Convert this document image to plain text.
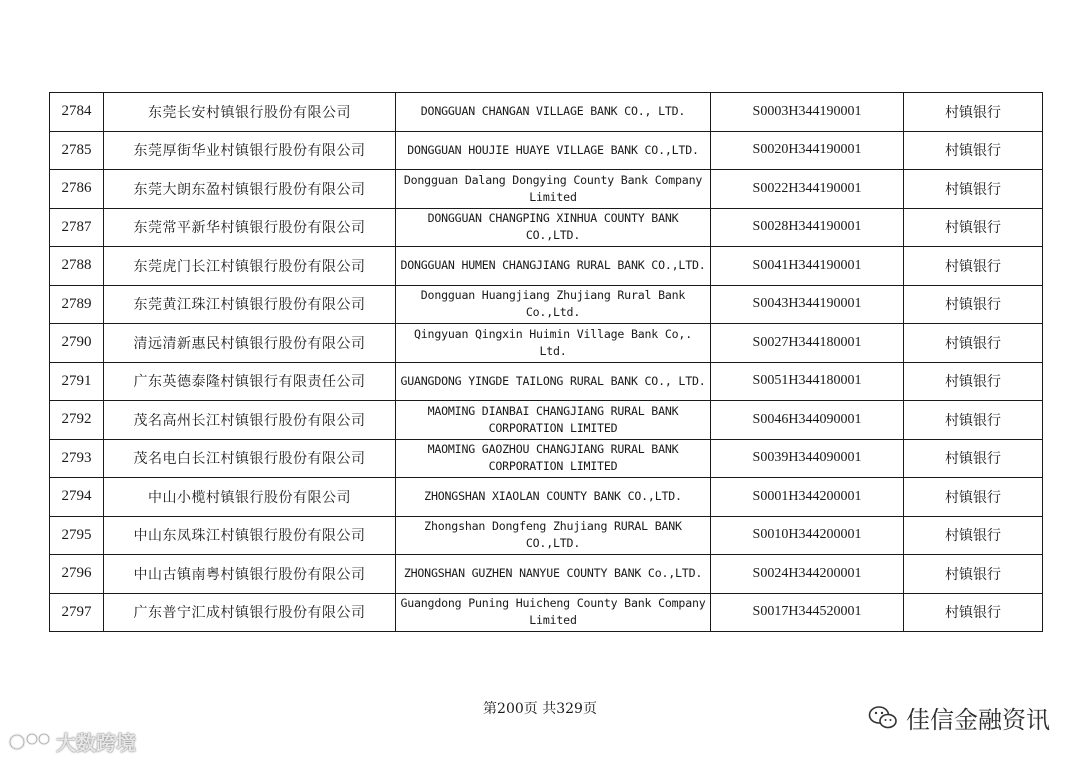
2784	东莞长安村镇银行股份有限公司	DONGGUAN CHANGAN VILLAGE BANK CO., LTD.	S0003H344190001	村镇银行
2785	东莞厚街华业村镇银行股份有限公司	DONGGUAN HOUJIE HUAYE VILLAGE BANK CO.,LTD.	S0020H344190001	村镇银行
2786	东莞大朗东盈村镇银行股份有限公司	Dongguan Dalang Dongying County Bank Company Limited	S0022H344190001	村镇银行
2787	东莞常平新华村镇银行股份有限公司	DONGGUAN CHANGPING XINHUA COUNTY BANK CO.,LTD.	S0028H344190001	村镇银行
2788	东莞虎门长江村镇银行股份有限公司	DONGGUAN HUMEN CHANGJIANG RURAL BANK CO.,LTD.	S0041H344190001	村镇银行
2789	东莞黄江珠江村镇银行股份有限公司	Dongguan Huangjiang Zhujiang Rural Bank Co.,Ltd.	S0043H344190001	村镇银行
2790	清远清新惠民村镇银行股份有限公司	Qingyuan Qingxin Huimin Village Bank Co,. Ltd.	S0027H344180001	村镇银行
2791	广东英德泰隆村镇银行有限责任公司	GUANGDONG YINGDE TAILONG RURAL BANK CO., LTD.	S0051H344180001	村镇银行
2792	茂名高州长江村镇银行股份有限公司	MAOMING DIANBAI CHANGJIANG RURAL BANK CORPORATION LIMITED	S0046H344090001	村镇银行
2793	茂名电白长江村镇银行股份有限公司	MAOMING GAOZHOU CHANGJIANG RURAL BANK CORPORATION LIMITED	S0039H344090001	村镇银行
2794	中山小榄村镇银行股份有限公司	ZHONGSHAN XIAOLAN COUNTY BANK CO.,LTD.	S0001H344200001	村镇银行
2795	中山东凤珠江村镇银行股份有限公司	Zhongshan Dongfeng Zhujiang RURAL BANK CO.,LTD.	S0010H344200001	村镇银行
2796	中山古镇南粤村镇银行股份有限公司	ZHONGSHAN GUZHEN NANYUE COUNTY BANK Co.,LTD.	S0024H344200001	村镇银行
2797	广东普宁汇成村镇银行股份有限公司	Guangdong Puning Huicheng County Bank Company Limited	S0017H344520001	村镇银行
第200页 共329页	佳信金融资讯
大数跨境
